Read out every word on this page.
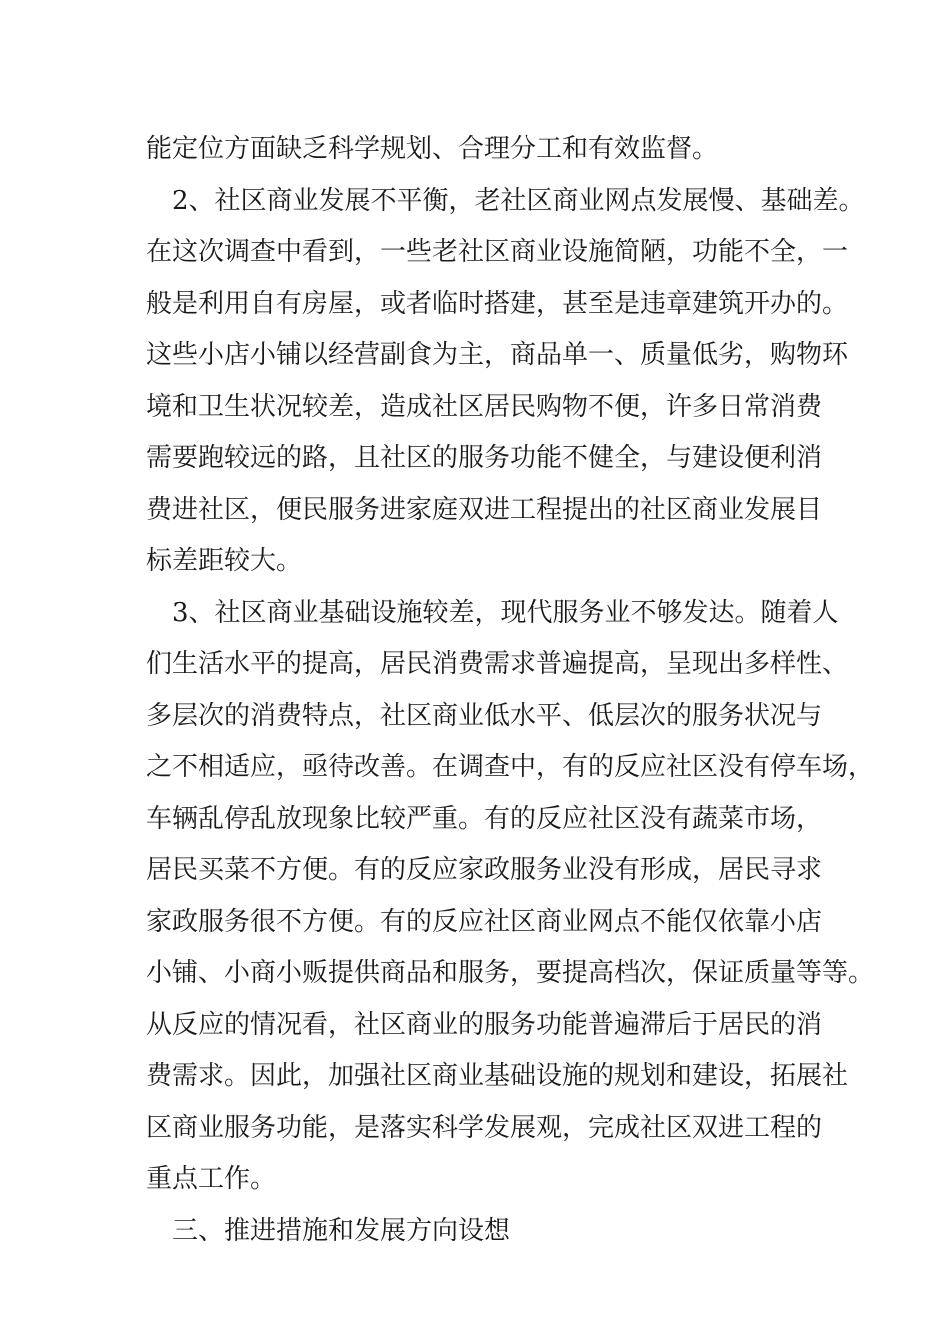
能定位方面缺乏科学规划、合理分工和有效监督。
2、社区商业发展不平衡，老社区商业网点发展慢、基础差。
在这次调查中看到，一些老社区商业设施简陋，功能不全，一
般是利用自有房屋，或者临时搭建，甚至是违章建筑开办的。
这些小店小铺以经营副食为主，商品单一、质量低劣，购物环
境和卫生状况较差，造成社区居民购物不便，许多日常消费
需要跑较远的路，且社区的服务功能不健全，与建设便利消
费进社区，便民服务进家庭双进工程提出的社区商业发展目
标差距较大。
3、社区商业基础设施较差，现代服务业不够发达。随着人
们生活水平的提高，居民消费需求普遍提高，呈现出多样性、
多层次的消费特点，社区商业低水平、低层次的服务状况与
之不相适应，亟待改善。在调查中，有的反应社区没有停车场，
车辆乱停乱放现象比较严重。有的反应社区没有蔬菜市场，
居民买菜不方便。有的反应家政服务业没有形成，居民寻求
家政服务很不方便。有的反应社区商业网点不能仅依靠小店
小铺、小商小贩提供商品和服务，要提高档次，保证质量等等。
从反应的情况看，社区商业的服务功能普遍滞后于居民的消
费需求。因此，加强社区商业基础设施的规划和建设，拓展社
区商业服务功能，是落实科学发展观，完成社区双进工程的
重点工作。
三、推进措施和发展方向设想
